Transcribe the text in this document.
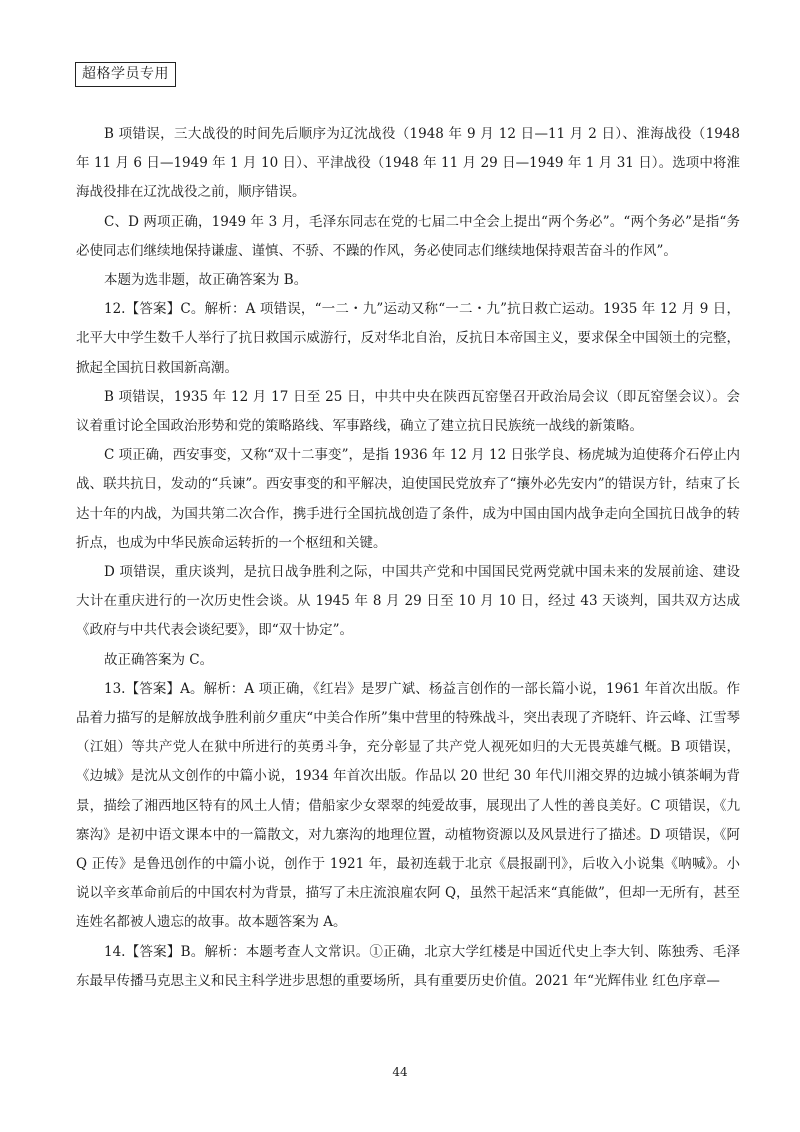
超格学员专用

B 项错误，三大战役的时间先后顺序为辽沈战役（1948 年 9 月 12 日—11 月 2 日）、淮海战役（1948 年 11 月 6 日—1949 年 1 月 10 日）、平津战役（1948 年 11 月 29 日—1949 年 1 月 31 日）。选项中将淮海战役排在辽沈战役之前，顺序错误。

C、D 两项正确，1949 年 3 月，毛泽东同志在党的七届二中全会上提出“两个务必”。“两个务必”是指“务必使同志们继续地保持谦虚、谨慎、不骄、不躁的作风，务必使同志们继续地保持艰苦奋斗的作风”。

本题为选非题，故正确答案为 B。

12.【答案】C。解析：A 项错误，“一二・九”运动又称“一二・九”抗日救亡运动。1935 年 12 月 9 日，北平大中学生数千人举行了抗日救国示威游行，反对华北自治，反抗日本帝国主义，要求保全中国领土的完整，掀起全国抗日救国新高潮。

B 项错误，1935 年 12 月 17 日至 25 日，中共中央在陕西瓦窑堡召开政治局会议（即瓦窑堡会议）。会议着重讨论全国政治形势和党的策略路线、军事路线，确立了建立抗日民族统一战线的新策略。

C 项正确，西安事变，又称“双十二事变”，是指 1936 年 12 月 12 日张学良、杨虎城为迫使蒋介石停止内战、联共抗日，发动的“兵谏”。西安事变的和平解决，迫使国民党放弃了“攘外必先安内”的错误方针，结束了长达十年的内战，为国共第二次合作，携手进行全国抗战创造了条件，成为中国由国内战争走向全国抗日战争的转折点，也成为中华民族命运转折的一个枢纽和关键。

D 项错误，重庆谈判，是抗日战争胜利之际，中国共产党和中国国民党两党就中国未来的发展前途、建设大计在重庆进行的一次历史性会谈。从 1945 年 8 月 29 日至 10 月 10 日，经过 43 天谈判，国共双方达成《政府与中共代表会谈纪要》，即“双十协定”。

故正确答案为 C。

13.【答案】A。解析：A 项正确，《红岩》是罗广斌、杨益言创作的一部长篇小说，1961 年首次出版。作品着力描写的是解放战争胜利前夕重庆“中美合作所”集中营里的特殊战斗，突出表现了齐晓轩、许云峰、江雪琴（江姐）等共产党人在狱中所进行的英勇斗争，充分彰显了共产党人视死如归的大无畏英雄气概。B 项错误，《边城》是沈从文创作的中篇小说，1934 年首次出版。作品以 20 世纪 30 年代川湘交界的边城小镇茶峒为背景，描绘了湘西地区特有的风土人情；借船家少女翠翠的纯爱故事，展现出了人性的善良美好。C 项错误，《九寨沟》是初中语文课本中的一篇散文，对九寨沟的地理位置，动植物资源以及风景进行了描述。D 项错误，《阿 Q 正传》是鲁迅创作的中篇小说，创作于 1921 年，最初连载于北京《晨报副刊》，后收入小说集《呐喊》。小说以辛亥革命前后的中国农村为背景，描写了未庄流浪雇农阿 Q，虽然干起活来“真能做”，但却一无所有，甚至连姓名都被人遗忘的故事。故本题答案为 A。

14.【答案】B。解析：本题考查人文常识。①正确，北京大学红楼是中国近代史上李大钊、陈独秀、毛泽东最早传播马克思主义和民主科学进步思想的重要场所，具有重要历史价值。2021 年“光辉伟业 红色序章—

44
